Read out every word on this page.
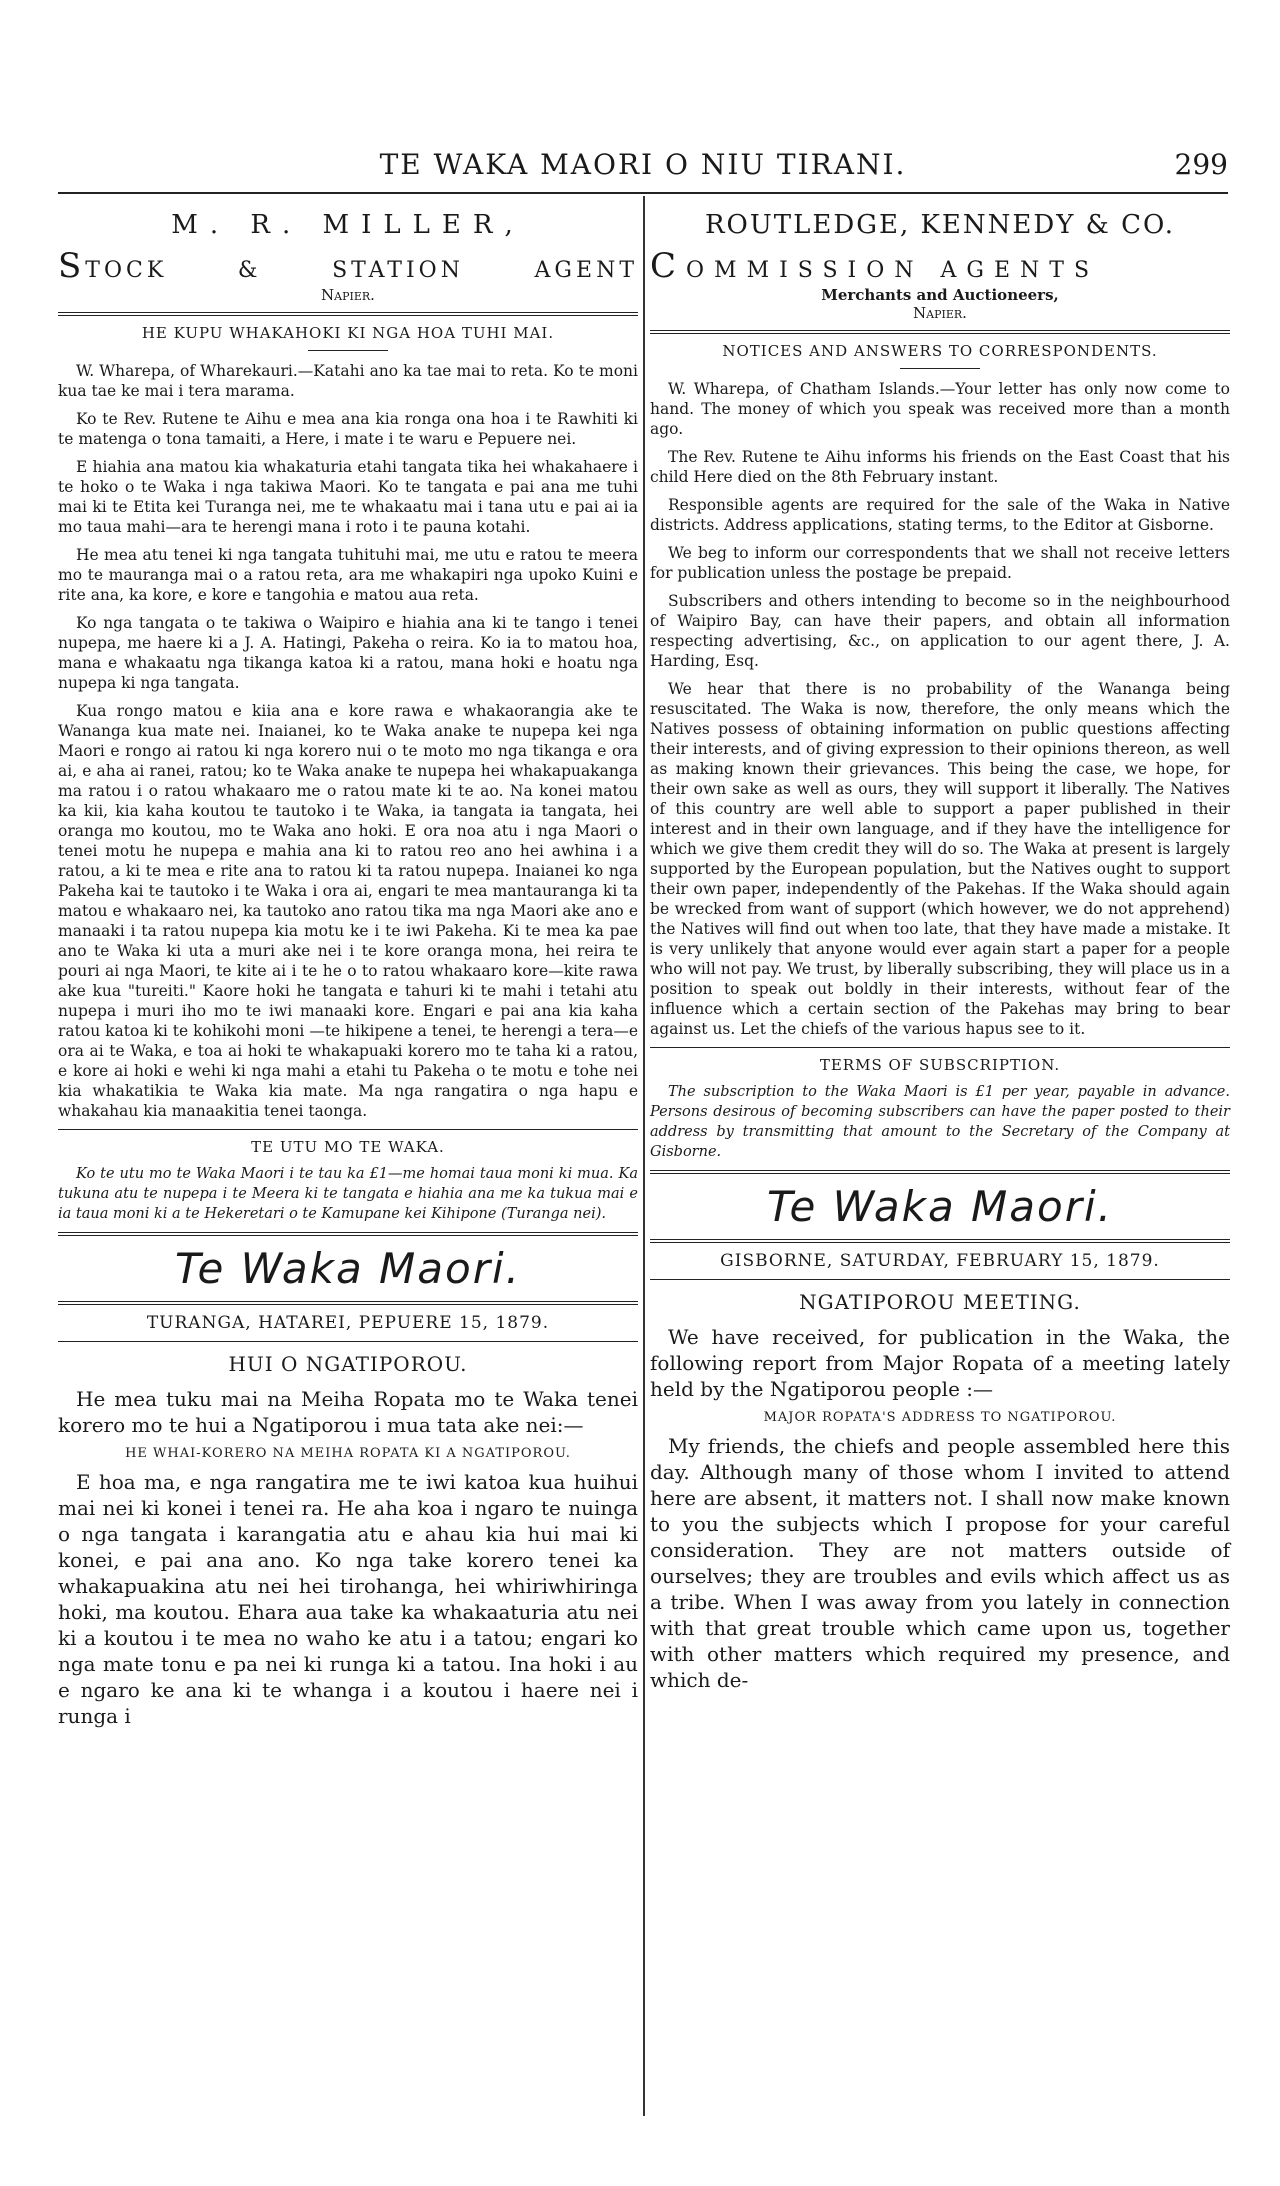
TE WAKA MAORI O NIU TIRANI.	299
M. R. MILLER,
STOCK	&	STATION	AGENT
Napier.
HE KUPU WHAKAHOKI KI NGA HOA TUHI MAI.

W. Wharepa, of Wharekauri.—Katahi ano ka tae mai to reta. Ko te moni kua tae ke mai i tera marama.

Ko te Rev. Rutene te Aihu e mea ana kia ronga ona hoa i te Rawhiti ki te matenga o tona tamaiti, a Here, i mate i te waru e Pepuere nei.

E hiahia ana matou kia whakaturia etahi tangata tika hei whakahaere i te hoko o te Waka i nga takiwa Maori. Ko te tangata e pai ana me tuhi mai ki te Etita kei Turanga nei, me te whakaatu mai i tana utu e pai ai ia mo taua mahi—ara te herengi mana i roto i te pauna kotahi.

He mea atu tenei ki nga tangata tuhituhi mai, me utu e ratou te meera mo te mauranga mai o a ratou reta, ara me whakapiri nga upoko Kuini e rite ana, ka kore, e kore e tangohia e matou aua reta.

Ko nga tangata o te takiwa o Waipiro e hiahia ana ki te tango i tenei nupepa, me haere ki a J. A. Hatingi, Pakeha o reira. Ko ia to matou hoa, mana e whakaatu nga tikanga katoa ki a ratou, mana hoki e hoatu nga nupepa ki nga tangata.

Kua rongo matou e kiia ana e kore rawa e whakaorangia ake te Wananga kua mate nei. Inaianei, ko te Waka anake te nupepa kei nga Maori e rongo ai ratou ki nga korero nui o te moto mo nga tikanga e ora ai, e aha ai ranei, ratou; ko te Waka anake te nupepa hei whakapuakanga ma ratou i o ratou whakaaro me o ratou mate ki te ao. Na konei matou ka kii, kia kaha koutou te tautoko i te Waka, ia tangata ia tangata, hei oranga mo koutou, mo te Waka ano hoki. E ora noa atu i nga Maori o tenei motu he nupepa e mahia ana ki to ratou reo ano hei awhina i a ratou, a ki te mea e rite ana to ratou ki ta ratou nupepa. Inaianei ko nga Pakeha kai te tautoko i te Waka i ora ai, engari te mea mantauranga ki ta matou e whakaaro nei, ka tautoko ano ratou tika ma nga Maori ake ano e manaaki i ta ratou nupepa kia motu ke i te iwi Pakeha. Ki te mea ka pae ano te Waka ki uta a muri ake nei i te kore oranga mona, hei reira te pouri ai nga Maori, te kite ai i te he o to ratou whakaaro kore—kite rawa ake kua "tureiti." Kaore hoki he tangata e tahuri ki te mahi i tetahi atu nupepa i muri iho mo te iwi manaaki kore. Engari e pai ana kia kaha ratou katoa ki te kohikohi moni —te hikipene a tenei, te herengi a tera—e ora ai te Waka, e toa ai hoki te whakapuaki korero mo te taha ki a ratou, e kore ai hoki e wehi ki nga mahi a etahi tu Pakeha o te motu e tohe nei kia whakatikia te Waka kia mate. Ma nga rangatira o nga hapu e whakahau kia manaakitia tenei taonga.

TE UTU MO TE WAKA.

Ko te utu mo te Waka Maori i te tau ka £1—me homai taua moni ki mua. Ka tukuna atu te nupepa i te Meera ki te tangata e hiahia ana me ka tukua mai e ia taua moni ki a te Hekeretari o te Kamupane kei Kihipone (Turanga nei).

Te Waka Maori.
TURANGA, HATAREI, PEPUERE 15, 1879.
HUI O NGATIPOROU.

He mea tuku mai na Meiha Ropata mo te Waka tenei korero mo te hui a Ngatiporou i mua tata ake nei:—

HE WHAI-KORERO NA MEIHA ROPATA KI A NGATIPOROU.

E hoa ma, e nga rangatira me te iwi katoa kua huihui mai nei ki konei i tenei ra. He aha koa i ngaro te nuinga o nga tangata i karangatia atu e ahau kia hui mai ki konei, e pai ana ano. Ko nga take korero tenei ka whakapuakina atu nei hei tirohanga, hei whiriwhiringa hoki, ma koutou. Ehara aua take ka whakaaturia atu nei ki a koutou i te mea no waho ke atu i a tatou; engari ko nga mate tonu e pa nei ki runga ki a tatou. Ina hoki i au e ngaro ke ana ki te whanga i a koutou i haere nei i runga i

ROUTLEDGE, KENNEDY & CO.
COMMISSION AGENTS
Merchants and Auctioneers,
Napier.
NOTICES AND ANSWERS TO CORRESPONDENTS.

W. Wharepa, of Chatham Islands.—Your letter has only now come to hand. The money of which you speak was received more than a month ago.

The Rev. Rutene te Aihu informs his friends on the East Coast that his child Here died on the 8th February instant.

Responsible agents are required for the sale of the Waka in Native districts. Address applications, stating terms, to the Editor at Gisborne.

We beg to inform our correspondents that we shall not receive letters for publication unless the postage be prepaid.

Subscribers and others intending to become so in the neighbourhood of Waipiro Bay, can have their papers, and obtain all information respecting advertising, &c., on application to our agent there, J. A. Harding, Esq.

We hear that there is no probability of the Wananga being resuscitated. The Waka is now, therefore, the only means which the Natives possess of obtaining information on public questions affecting their interests, and of giving expression to their opinions thereon, as well as making known their grievances. This being the case, we hope, for their own sake as well as ours, they will support it liberally. The Natives of this country are well able to support a paper published in their interest and in their own language, and if they have the intelligence for which we give them credit they will do so. The Waka at present is largely supported by the European population, but the Natives ought to support their own paper, independently of the Pakehas. If the Waka should again be wrecked from want of support (which however, we do not apprehend) the Natives will find out when too late, that they have made a mistake. It is very unlikely that anyone would ever again start a paper for a people who will not pay. We trust, by liberally subscribing, they will place us in a position to speak out boldly in their interests, without fear of the influence which a certain section of the Pakehas may bring to bear against us. Let the chiefs of the various hapus see to it.

TERMS OF SUBSCRIPTION.

The subscription to the Waka Maori is £1 per year, payable in advance. Persons desirous of becoming subscribers can have the paper posted to their address by transmitting that amount to the Secretary of the Company at Gisborne.

Te Waka Maori.
GISBORNE, SATURDAY, FEBRUARY 15, 1879.
NGATIPOROU MEETING.

We have received, for publication in the Waka, the following report from Major Ropata of a meeting lately held by the Ngatiporou people :—

MAJOR ROPATA'S ADDRESS TO NGATIPOROU.

My friends, the chiefs and people assembled here this day. Although many of those whom I invited to attend here are absent, it matters not. I shall now make known to you the subjects which I propose for your careful consideration. They are not matters outside of ourselves; they are troubles and evils which affect us as a tribe. When I was away from you lately in connection with that great trouble which came upon us, together with other matters which required my presence, and which de-
